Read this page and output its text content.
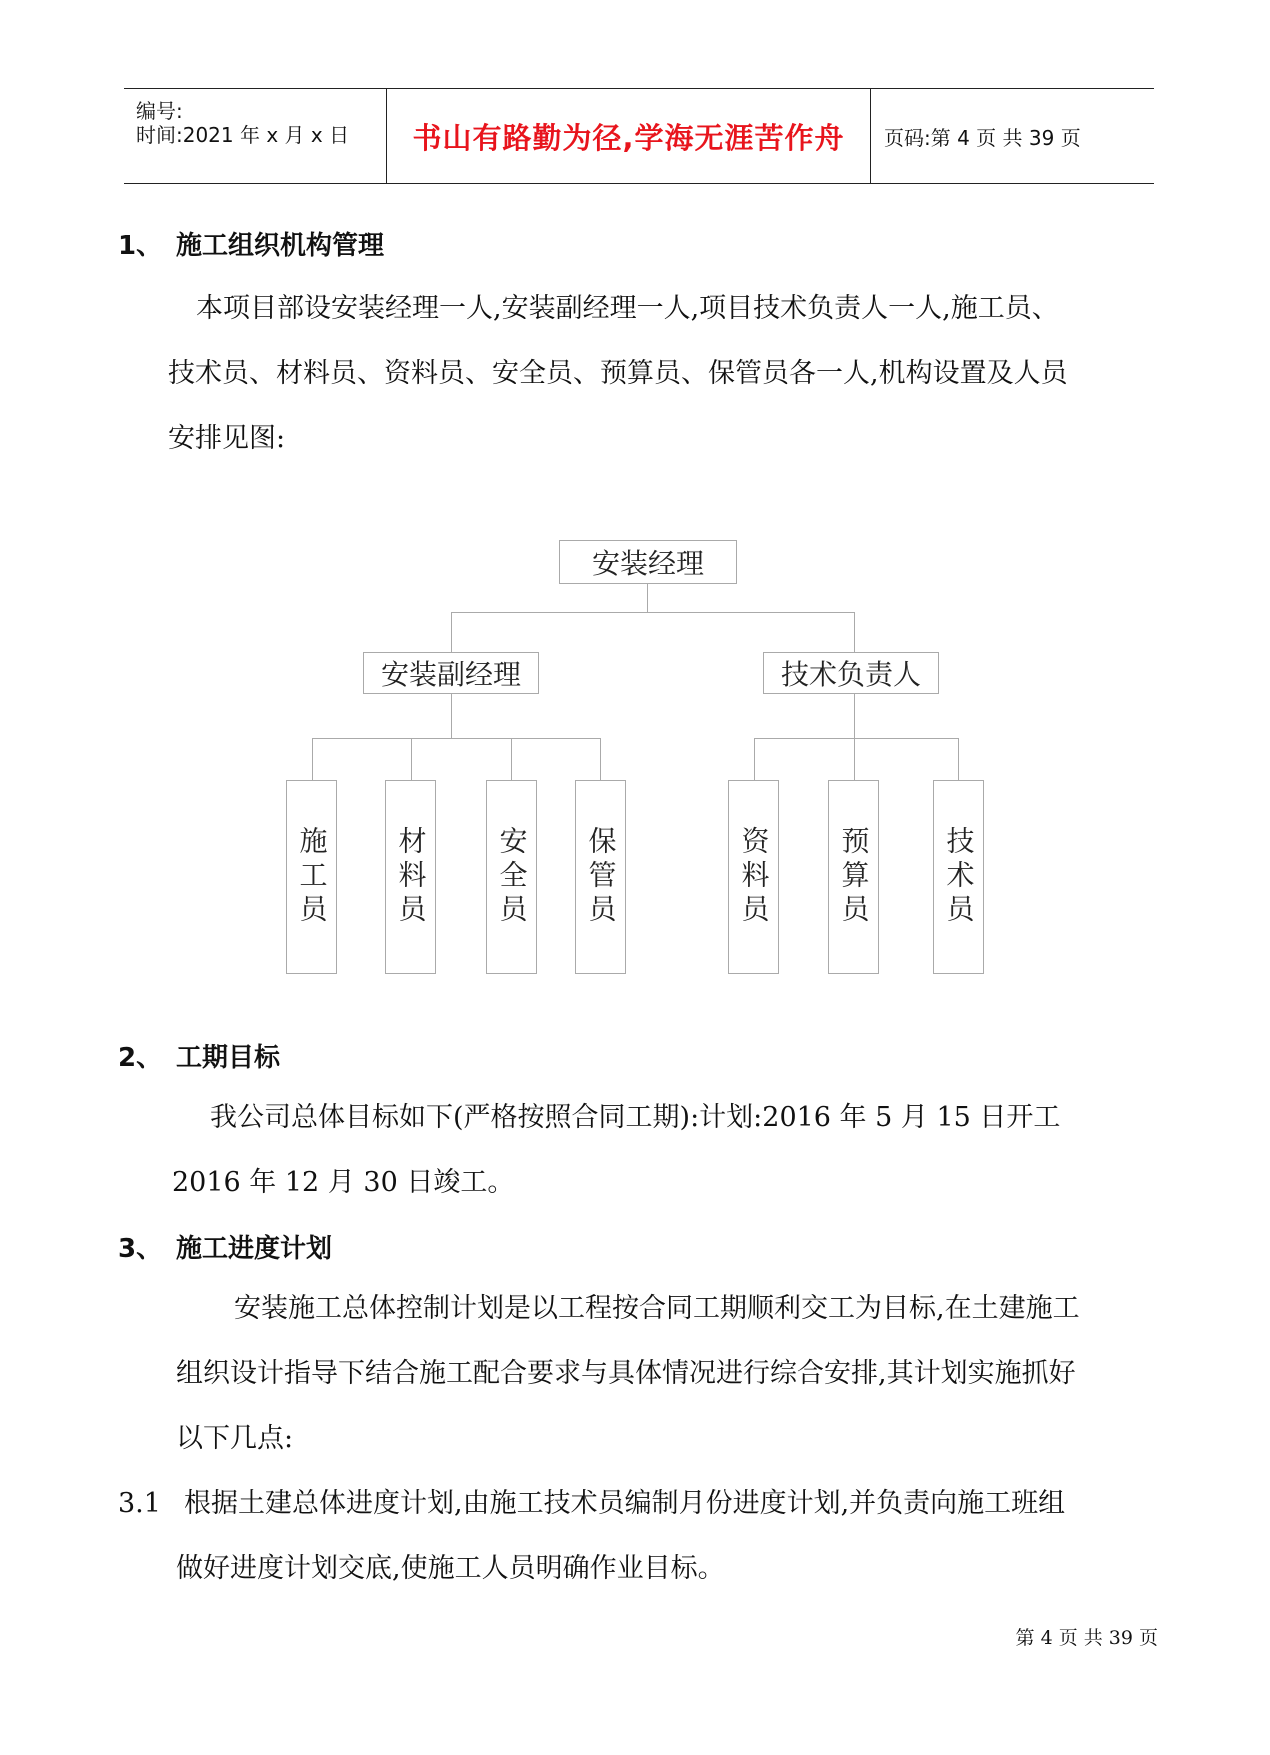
编号:
时间:2021 年 x 月 x 日	书山有路勤为径,学海无涯苦作舟	页码:第 4 页 共 39 页
1、 施工组织机构管理
本项目部设安装经理一人,安装副经理一人,项目技术负责人一人,施工员、
技术员、材料员、资料员、安全员、预算员、保管员各一人,机构设置及人员
安排见图:
安装经理
安装副经理	技术负责人
施工员	材料员	安全员	保管员	资料员	预算员	技术员
2、 工期目标
我公司总体目标如下(严格按照合同工期):计划:2016 年 5 月 15 日开工
2016 年 12 月 30 日竣工。
3、 施工进度计划
安装施工总体控制计划是以工程按合同工期顺利交工为目标,在土建施工
组织设计指导下结合施工配合要求与具体情况进行综合安排,其计划实施抓好
以下几点:
3.1 根据土建总体进度计划,由施工技术员编制月份进度计划,并负责向施工班组
做好进度计划交底,使施工人员明确作业目标。
第 4 页 共 39 页
